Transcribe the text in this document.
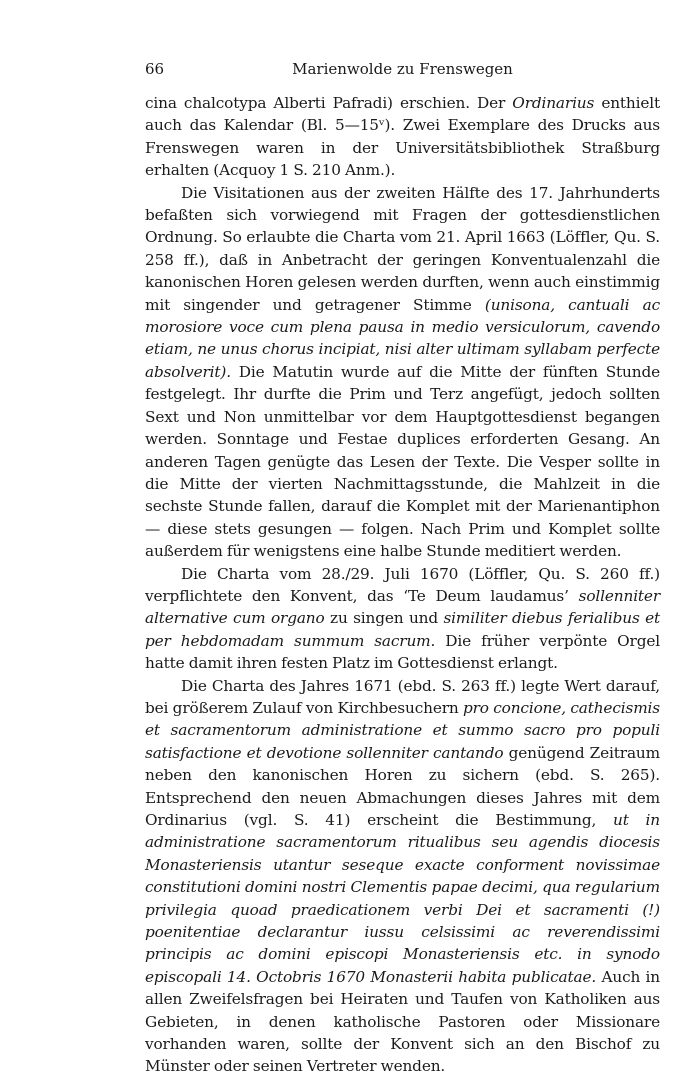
66	Marienwolde zu Frenswegen

cina chalcotypa Alberti Pafradi) erschien. Der Ordinarius enthielt auch das Kalendar (Bl. 5—15ᵛ). Zwei Exemplare des Drucks aus Frenswegen waren in der Universitätsbibliothek Straßburg erhalten (Acquoy 1 S. 210 Anm.).

Die Visitationen aus der zweiten Hälfte des 17. Jahrhunderts befaßten sich vorwiegend mit Fragen der gottesdienstlichen Ordnung. So erlaubte die Charta vom 21. April 1663 (Löffler, Qu. S. 258 ff.), daß in Anbetracht der geringen Konventualenzahl die kanonischen Horen gelesen werden durften, wenn auch einstimmig mit singender und getragener Stimme (unisona, cantuali ac morosiore voce cum plena pausa in medio versiculorum, cavendo etiam, ne unus chorus incipiat, nisi alter ultimam syllabam perfecte absolverit). Die Matutin wurde auf die Mitte der fünften Stunde festgelegt. Ihr durfte die Prim und Terz angefügt, jedoch sollten Sext und Non unmittelbar vor dem Hauptgottesdienst begangen werden. Sonntage und Festae duplices erforderten Gesang. An anderen Tagen genügte das Lesen der Texte. Die Vesper sollte in die Mitte der vierten Nachmittagsstunde, die Mahlzeit in die sechste Stunde fallen, darauf die Komplet mit der Marienantiphon — diese stets gesungen — folgen. Nach Prim und Komplet sollte außerdem für wenigstens eine halbe Stunde meditiert werden.

Die Charta vom 28./29. Juli 1670 (Löffler, Qu. S. 260 ff.) verpflichtete den Konvent, das ‘Te Deum laudamus’ sollenniter alternative cum organo zu singen und similiter diebus ferialibus et per hebdomadam summum sacrum. Die früher verpönte Orgel hatte damit ihren festen Platz im Gottesdienst erlangt.

Die Charta des Jahres 1671 (ebd. S. 263 ff.) legte Wert darauf, bei größerem Zulauf von Kirchbesuchern pro concione, cathecismis et sacramentorum administratione et summo sacro pro populi satisfactione et devotione sollenniter cantando genügend Zeitraum neben den kanonischen Horen zu sichern (ebd. S. 265). Entsprechend den neuen Abmachungen dieses Jahres mit dem Ordinarius (vgl. S. 41) erscheint die Bestimmung, ut in administratione sacramentorum ritualibus seu agendis diocesis Monasteriensis utantur seseque exacte conforment novissimae constitutioni domini nostri Clementis papae decimi, qua regularium privilegia quoad praedicationem verbi Dei et sacramenti (!) poenitentiae declarantur iussu celsissimi ac reverendissimi principis ac domini episcopi Monasteriensis etc. in synodo episcopali 14. Octobris 1670 Monasterii habita publicatae. Auch in allen Zweifelsfragen bei Heiraten und Taufen von Katholiken aus Gebieten, in denen katholische Pastoren oder Missionare vorhanden waren, sollte der Konvent sich an den Bischof zu Münster oder seinen Vertreter wenden.
